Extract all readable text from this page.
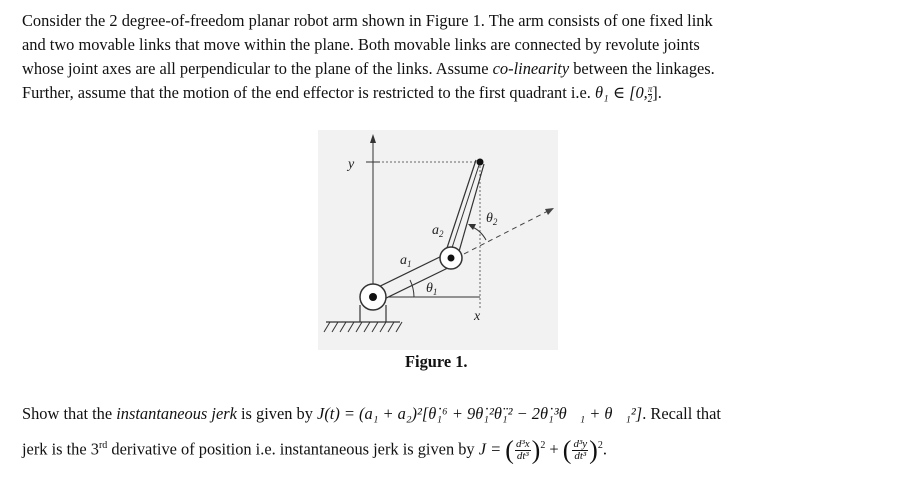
Consider the 2 degree-of-freedom planar robot arm shown in Figure 1. The arm consists of one fixed link
and two movable links that move within the plane. Both movable links are connected by revolute joints
whose joint axes are all perpendicular to the plane of the links. Assume co-linearity between the linkages.
Further, assume that the motion of the end effector is restricted to the first quadrant i.e. θ₁ ∈ [0, $\frac{\pi}{2}$ ].

y
x
$a_1$
$a_2$
$\theta_1$
$\theta_2$

Figure 1.

Show that the instantaneous jerk is given by J(t) = (a₁ + a₂)²[θ̇₁⁶ + 9θ̇₁²θ̈₁² − 2θ̇₁³θ⃛₁ + θ⃛₁²]. Recall that
jerk is the 3rd derivative of position i.e. instantaneous jerk is given by J = ( $\frac{\text{d³x}}{\text{dt³}} )^2$ + ( $\frac{\text{d³y}}{\text{dt³}} )^2$.
